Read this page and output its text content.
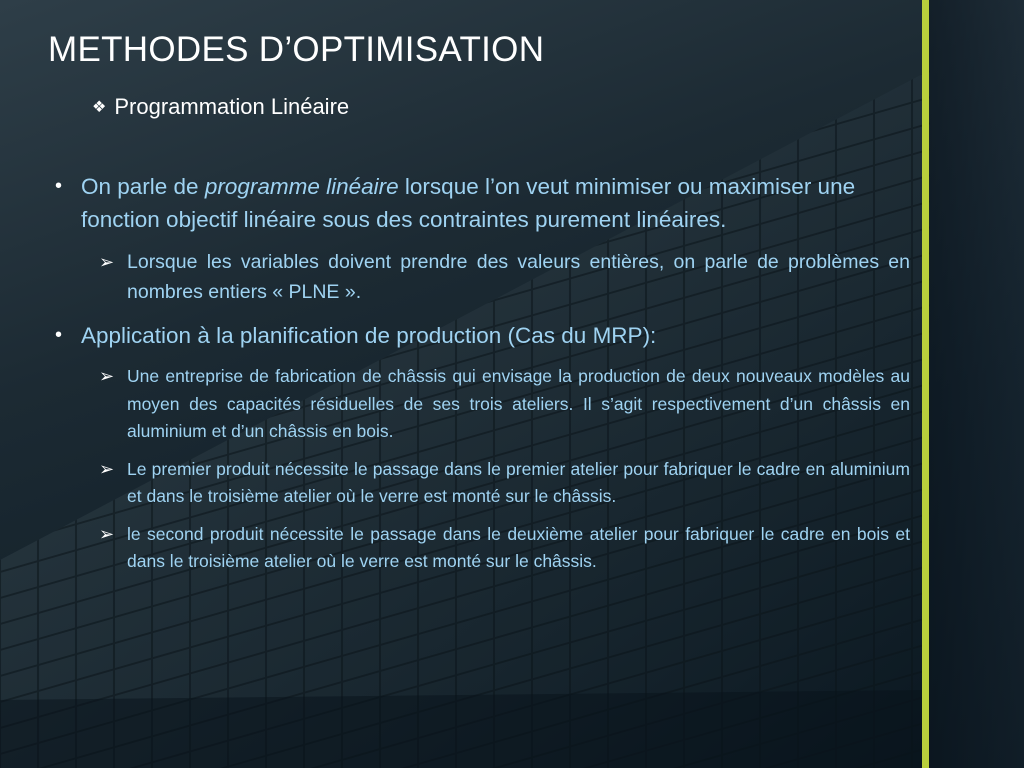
METHODES D’OPTIMISATION
❖ Programmation Linéaire

• On parle de programme linéaire lorsque l’on veut minimiser ou maximiser une fonction objectif linéaire sous des contraintes purement linéaires.

➢ Lorsque les variables doivent prendre des valeurs entières, on parle de problèmes en nombres entiers « PLNE ».

• Application à la planification de production (Cas du MRP):

➢ Une entreprise de fabrication de châssis qui envisage la production de deux nouveaux modèles au moyen des capacités résiduelles de ses trois ateliers. Il s’agit respectivement d’un châssis en aluminium et d’un châssis en bois.

➢ Le premier produit nécessite le passage dans le premier atelier pour fabriquer le cadre en aluminium et dans le troisième atelier où le verre est monté sur le châssis.

➢ le second produit nécessite le passage dans le deuxième atelier pour fabriquer le cadre en bois et dans le troisième atelier où le verre est monté sur le châssis.
